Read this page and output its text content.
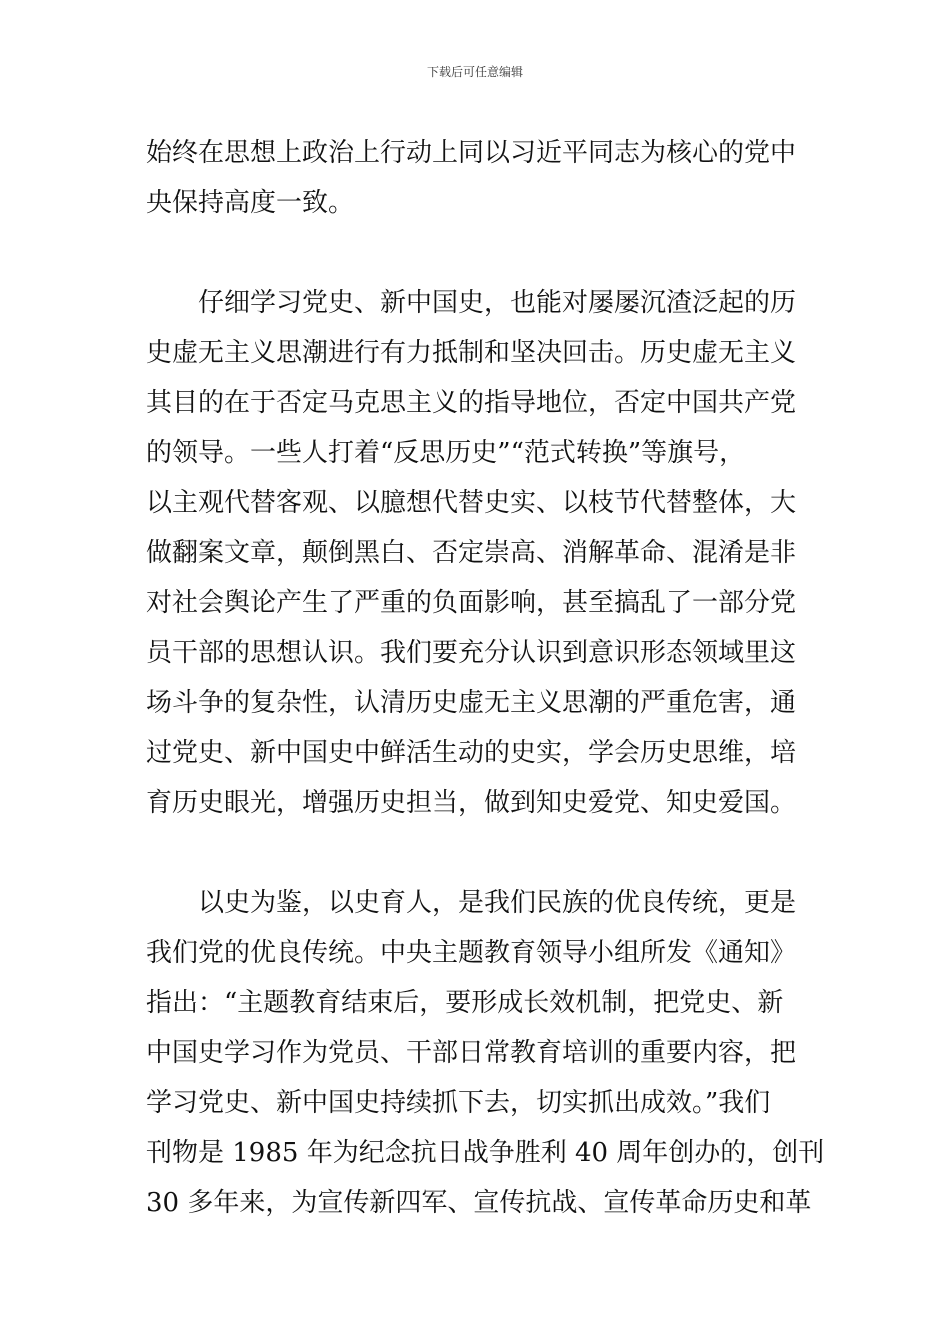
下载后可任意编辑
始终在思想上政治上行动上同以习近平同志为核心的党中
央保持高度一致。
　　仔细学习党史、新中国史，也能对屡屡沉渣泛起的历
史虚无主义思潮进行有力抵制和坚决回击。历史虚无主义
其目的在于否定马克思主义的指导地位，否定中国共产党
的领导。一些人打着“反思历史”“范式转换”等旗号，
以主观代替客观、以臆想代替史实、以枝节代替整体，大
做翻案文章，颠倒黑白、否定崇高、消解革命、混淆是非
对社会舆论产生了严重的负面影响，甚至搞乱了一部分党
员干部的思想认识。我们要充分认识到意识形态领域里这
场斗争的复杂性，认清历史虚无主义思潮的严重危害，通
过党史、新中国史中鲜活生动的史实，学会历史思维，培
育历史眼光，增强历史担当，做到知史爱党、知史爱国。
　　以史为鉴，以史育人，是我们民族的优良传统，更是
我们党的优良传统。中央主题教育领导小组所发《通知》
指出：“主题教育结束后，要形成长效机制，把党史、新
中国史学习作为党员、干部日常教育培训的重要内容，把
学习党史、新中国史持续抓下去，切实抓出成效。”我们
刊物是 1985 年为纪念抗日战争胜利 40 周年创办的，创刊
30 多年来，为宣传新四军、宣传抗战、宣传革命历史和革
